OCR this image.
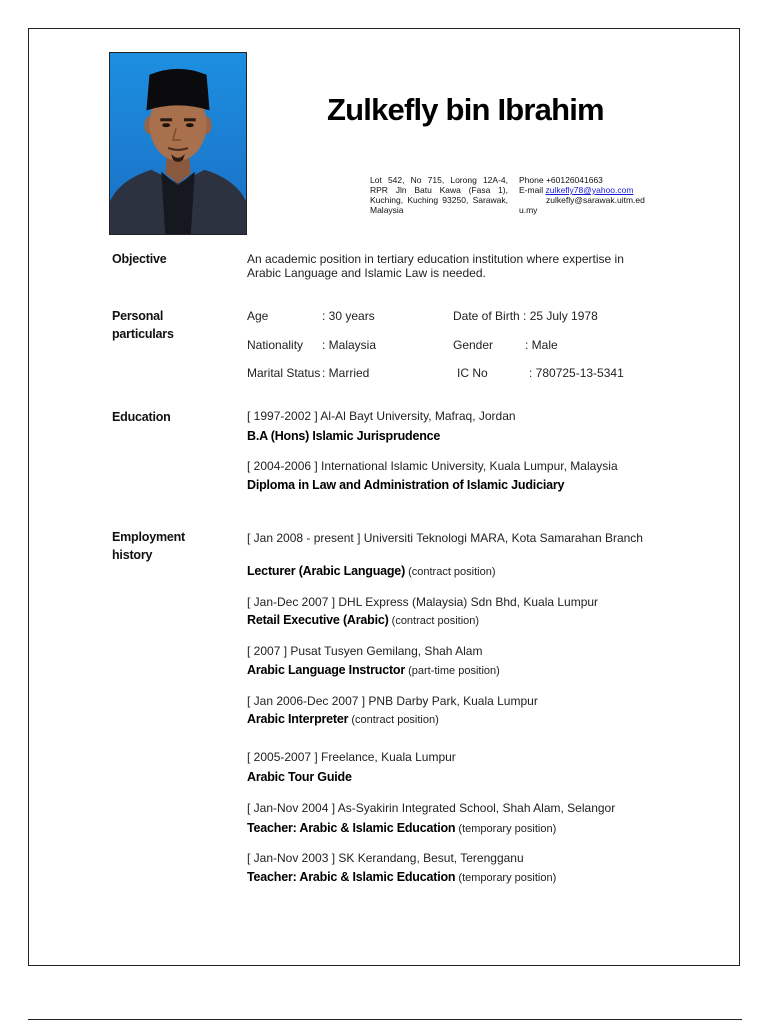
Zulkefly bin Ibrahim
Lot 542, No 715, Lorong 12A-4, RPR Jln Batu Kawa (Fasa 1), Kuching, Kuching 93250, Sarawak, Malaysia
Phone +60126041663
E-mail zulkefly78@yahoo.com
zulkefly@sarawak.uitm.ed
u.my
Objective	An academic position in tertiary education institution where expertise in Arabic Language and Islamic Law is needed.
Personal
particulars
Age	: 30 years	Date of Birth : 25 July 1978
Nationality : Malaysia	Gender	: Male
Marital Status : Married	IC No	: 780725-13-5341
Education	[ 1997-2002 ] Al-Al Bayt University, Mafraq, Jordan
B.A (Hons) Islamic Jurisprudence
[ 2004-2006 ] International Islamic University, Kuala Lumpur, Malaysia
Diploma in Law and Administration of Islamic Judiciary
Employment
history
[ Jan 2008 - present ] Universiti Teknologi MARA, Kota Samarahan Branch
Lecturer (Arabic Language) (contract position)
[ Jan-Dec 2007 ] DHL Express (Malaysia) Sdn Bhd, Kuala Lumpur
Retail Executive (Arabic) (contract position)
[ 2007 ] Pusat Tusyen Gemilang, Shah Alam
Arabic Language Instructor (part-time position)
[ Jan 2006-Dec 2007 ] PNB Darby Park, Kuala Lumpur
Arabic Interpreter (contract position)
[ 2005-2007 ] Freelance, Kuala Lumpur
Arabic Tour Guide
[ Jan-Nov 2004 ] As-Syakirin Integrated School, Shah Alam, Selangor
Teacher: Arabic & Islamic Education (temporary position)
[ Jan-Nov 2003 ] SK Kerandang, Besut, Terengganu
Teacher: Arabic & Islamic Education (temporary position)
